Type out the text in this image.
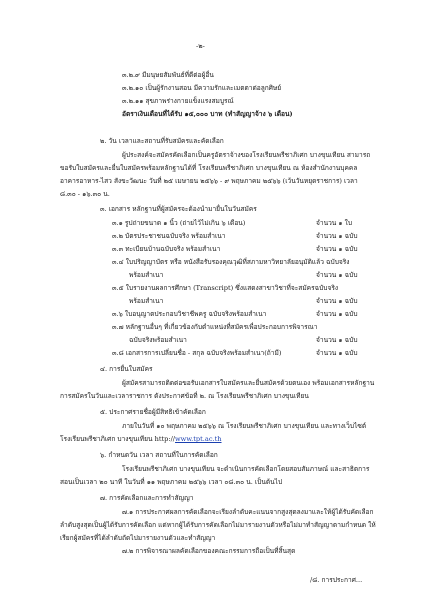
-๒-
๓.๒.๙ มีมนุษยสัมพันธ์ที่ดีต่อผู้อื่น
๓.๒.๑๐ เป็นผู้รักงานสอน มีความรักและเมตตาต่อลูกศิษย์
๓.๒.๑๑ สุขภาพร่างกายแข็งแรงสมบูรณ์
อัตราเงินเดือนที่ได้รับ ๑๕,๐๐๐ บาท (ทำสัญญาจ้าง ๖ เดือน)
๒. วัน เวลาและสถานที่รับสมัครและคัดเลือก
ผู้ประสงค์จะสมัครคัดเลือกเป็นครูอัตราจ้างของโรงเรียนพรีชาภิเศก บางขุนเทียน สามารถ
ขอรับใบสมัครและยื่นใบสมัครพร้อมหลักฐานได้ที่ โรงเรียนพรีชาภิเศก บางขุนเทียน ณ ห้องสำนักงานบุคคล
อาคารอาหาร-ไสว สังขะวัฒนะ วันที่ ๒๕ เมษายน ๒๕๖๖ - ๙ พฤษภาคม ๒๕๖๖ (เว้นวันหยุดราชการ) เวลา
๘.๓๐ - ๑๖.๓๐ น.
๓. เอกสาร หลักฐานที่ผู้สมัครจะต้องนำมายื่นในวันสมัคร
๓.๑ รูปถ่ายขนาด ๑ นิ้ว (ถ่ายไว้ไม่เกิน ๖ เดือน)	จำนวน ๑ ใบ
๓.๒ บัตรประชาชนฉบับจริง พร้อมสำเนา	จำนวน ๑ ฉบับ
๓.๓ ทะเบียนบ้านฉบับจริง พร้อมสำเนา	จำนวน ๑ ฉบับ
๓.๔ ใบปริญญาบัตร หรือ หนังสือรับรองคุณวุฒิที่สภามหาวิทยาลัยอนุมัติแล้ว ฉบับจริง
พร้อมสำเนา	จำนวน ๑ ฉบับ
๓.๕ ใบรายงานผลการศึกษา (Transcript) ซึ่งแสดงสาขาวิชาที่จะสมัครฉบับจริง
พร้อมสำเนา	จำนวน ๑ ฉบับ
๓.๖ ใบอนุญาตประกอบวิชาชีพครู ฉบับจริงพร้อมสำเนา	จำนวน ๑ ฉบับ
๓.๗ หลักฐานอื่นๆ ที่เกี่ยวข้องกับตำแหน่งที่สมัครเพื่อประกอบการพิจารณา
ฉบับจริงพร้อมสำเนา	จำนวน ๑ ฉบับ
๓.๘ เอกสารการเปลี่ยนชื่อ - สกุล ฉบับจริงพร้อมสำเนา(ถ้ามี)	จำนวน ๑ ฉบับ
๔. การยื่นใบสมัคร
ผู้สมัครสามารถติดต่อขอรับเอกสารใบสมัครและยื่นสมัครด้วยตนเอง พร้อมเอกสารหลักฐาน
การสมัครในวันและเวลาราชการ ดังประกาศข้อที่ ๒. ณ โรงเรียนพรีชาภิเศก บางขุนเทียน
๕. ประกาศรายชื่อผู้มีสิทธิเข้าคัดเลือก
ภายในวันที่ ๑๐ พฤษภาคม ๒๕๖๖ ณ โรงเรียนพรีชาภิเศก บางขุนเทียน และทางเว็บไซต์
โรงเรียนพรีชาภิเศก บางขุนเทียน http://www.tpt.ac.th
๖. กำหนดวัน เวลา สถานที่ในการคัดเลือก
โรงเรียนพรีชาภิเศก บางขุนเทียน จะดำเนินการคัดเลือกโดยสอบสัมภาษณ์ และสาธิตการ
สอนเป็นเวลา ๒๐ นาที ในวันที่ ๑๑ พฤษภาคม ๒๕๖๖ เวลา ๐๘.๓๐ น. เป็นต้นไป
๗. การคัดเลือกและการทำสัญญา
๗.๑ การประกาศผลการคัดเลือกจะเรียงลำดับคะแนนจากสูงสุดลงมาและให้ผู้ได้รับคัดเลือก
ลำดับสูงสุดเป็นผู้ได้รับการคัดเลือก แต่หากผู้ได้รับการคัดเลือกไม่มารายงานตัวหรือไม่มาทำสัญญาตามกำหนด ให้
เรียกผู้สมัครที่ได้ลำดับถัดไปมารายงานตัวและทำสัญญา
๗.๒ การพิจารณาผลคัดเลือกของคณะกรรมการถือเป็นที่สิ้นสุด
/๘. การประกาศ...
